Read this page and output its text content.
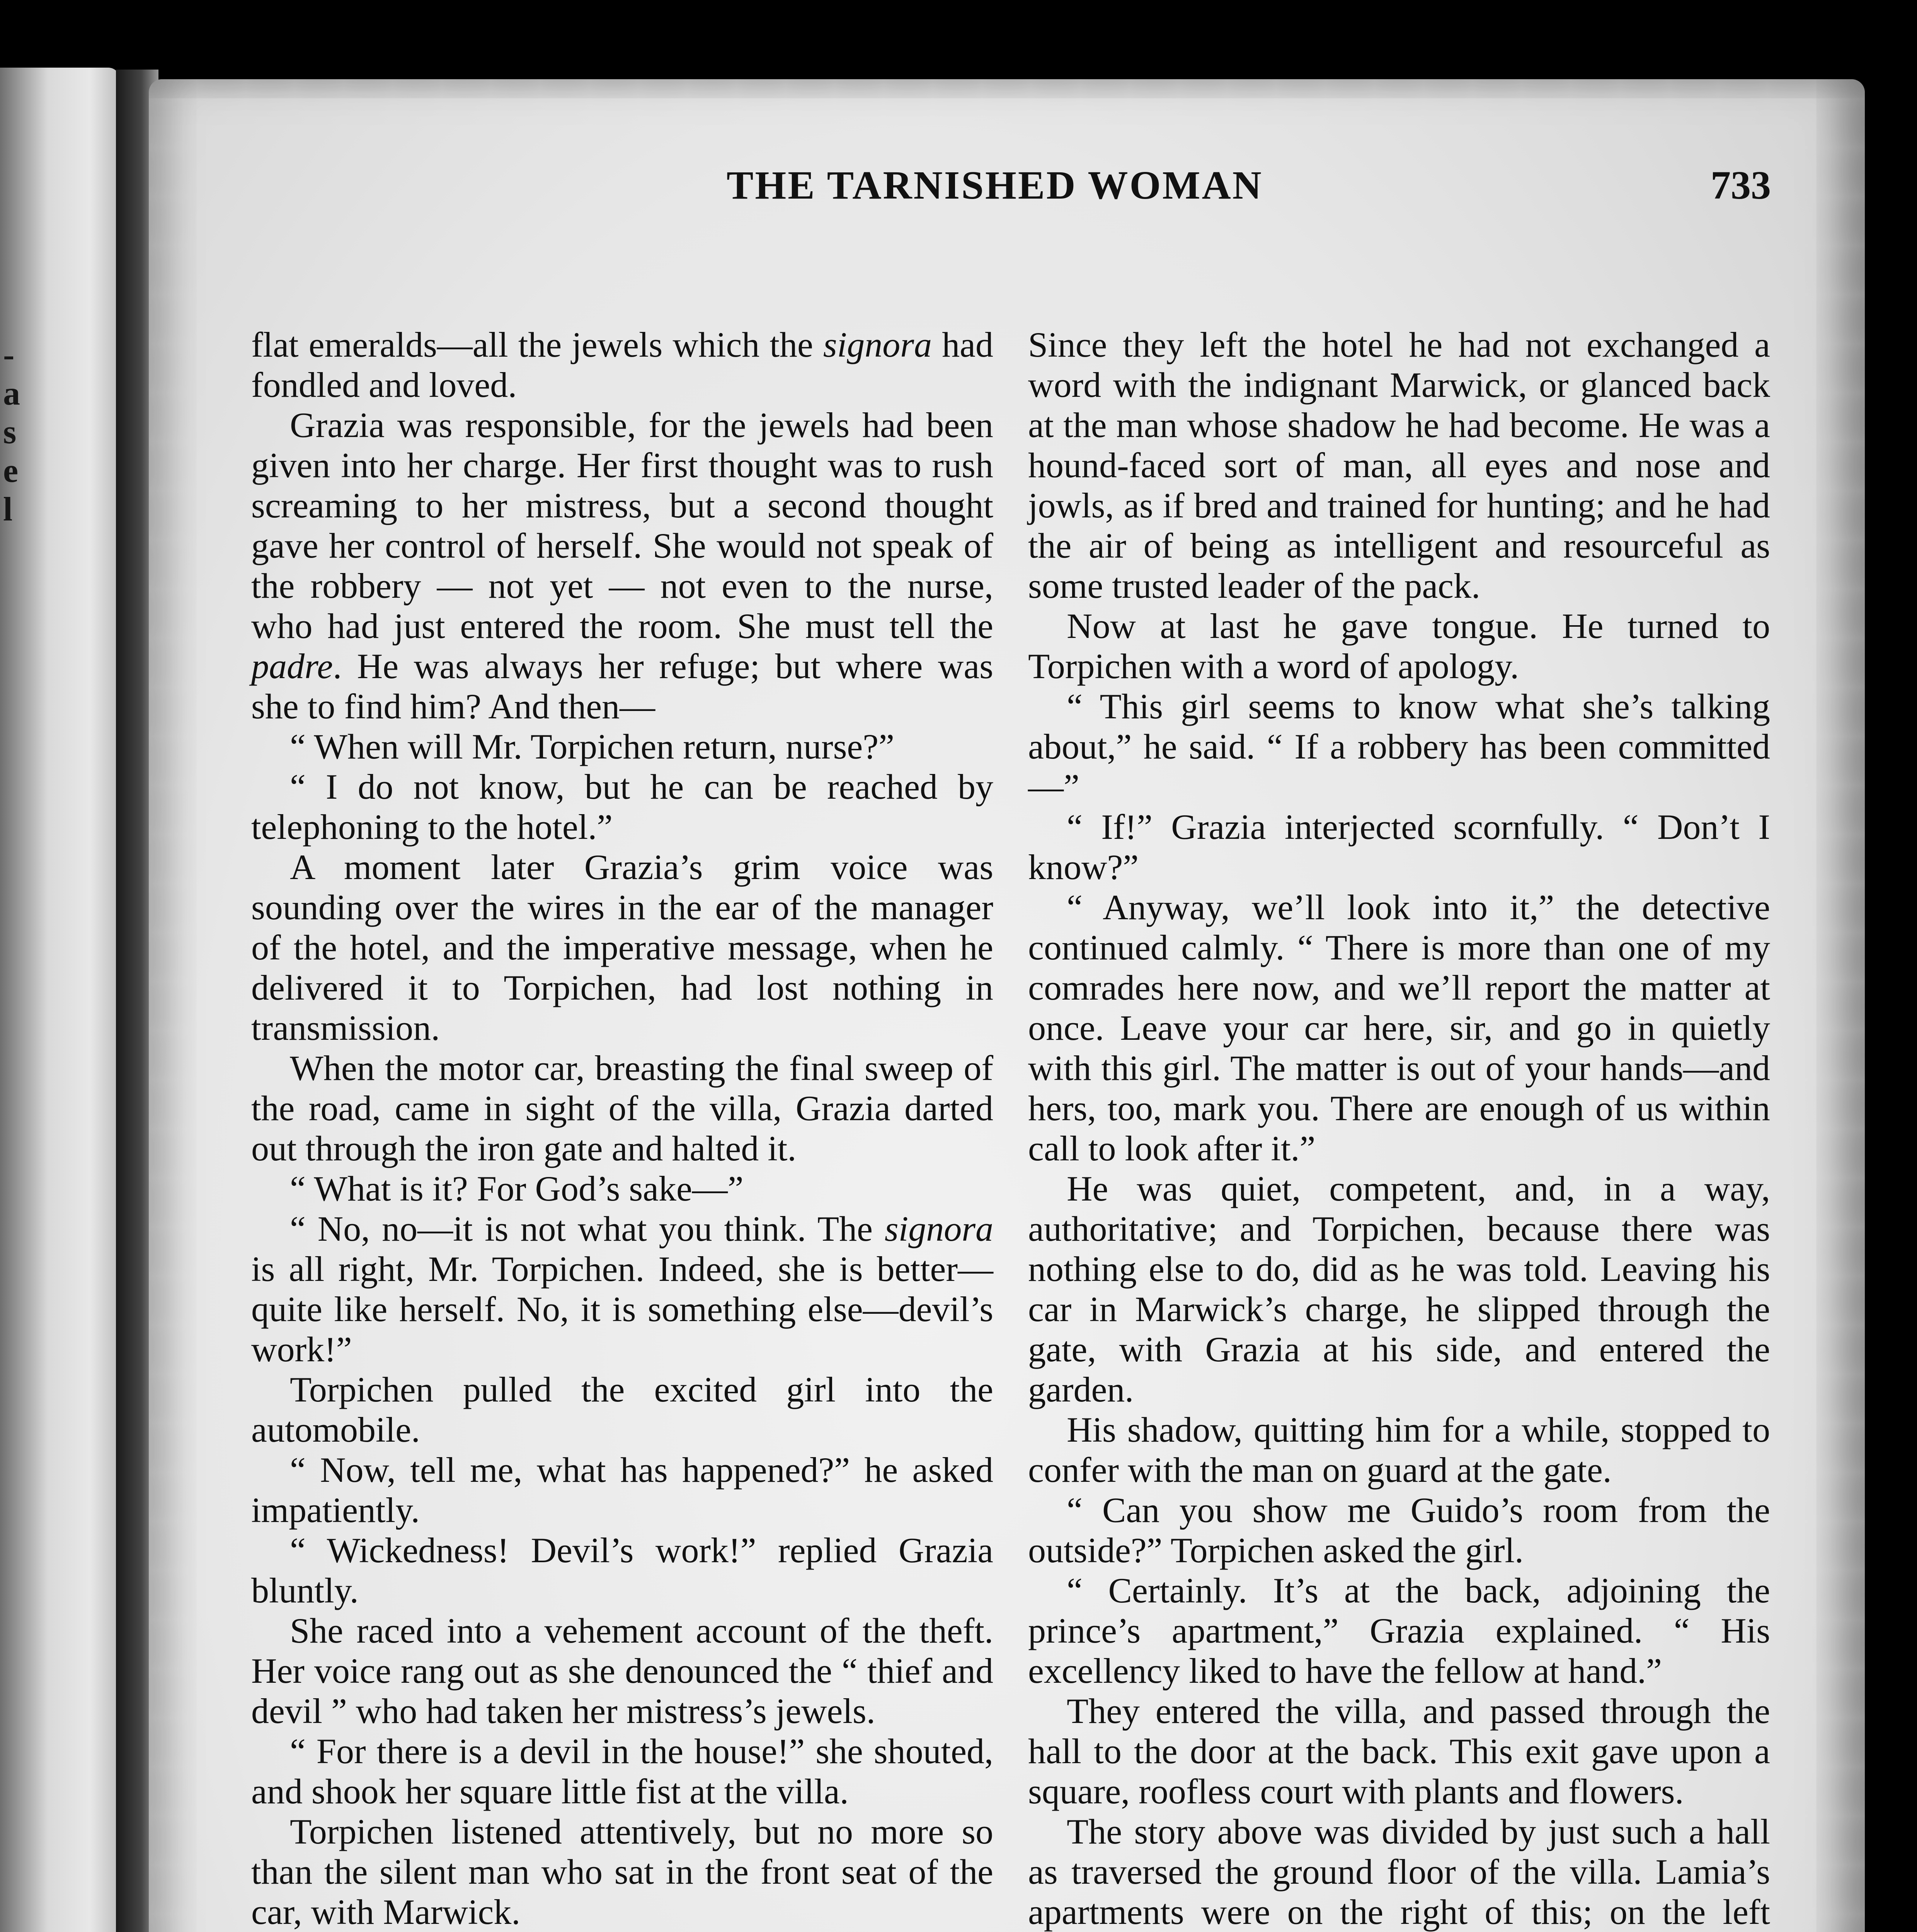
-
a
s
e
l
THE TARNISHED WOMAN	733

flat emeralds—all the jewels which the signora had fondled and loved.

Grazia was responsible, for the jewels had been given into her charge. Her first thought was to rush screaming to her mistress, but a second thought gave her control of herself. She would not speak of the robbery — not yet — not even to the nurse, who had just entered the room. She must tell the padre. He was always her refuge; but where was she to find him? And then—

“ When will Mr. Torpichen return, nurse?”

“ I do not know, but he can be reached by telephoning to the hotel.”

A moment later Grazia’s grim voice was sounding over the wires in the ear of the manager of the hotel, and the imperative message, when he delivered it to Torpichen, had lost nothing in transmission.

When the motor car, breasting the final sweep of the road, came in sight of the villa, Grazia darted out through the iron gate and halted it.

“ What is it? For God’s sake—”

“ No, no—it is not what you think. The signora is all right, Mr. Torpichen. Indeed, she is better—quite like herself. No, it is something else—devil’s work!”

Torpichen pulled the excited girl into the automobile.

“ Now, tell me, what has happened?” he asked impatiently.

“ Wickedness! Devil’s work!” replied Grazia bluntly.

She raced into a vehement account of the theft. Her voice rang out as she denounced the “ thief and devil ” who had taken her mistress’s jewels.

“ For there is a devil in the house!” she shouted, and shook her square little fist at the villa.

Torpichen listened attentively, but no more so than the silent man who sat in the front seat of the car, with Marwick.

Since they left the hotel he had not exchanged a word with the indignant Marwick, or glanced back at the man whose shadow he had become. He was a hound-faced sort of man, all eyes and nose and jowls, as if bred and trained for hunting; and he had the air of being as intelligent and resourceful as some trusted leader of the pack.

Now at last he gave tongue. He turned to Torpichen with a word of apology.

“ This girl seems to know what she’s talking about,” he said. “ If a robbery has been committed—”

“ If!” Grazia interjected scornfully. “ Don’t I know?”

“ Anyway, we’ll look into it,” the detective continued calmly. “ There is more than one of my comrades here now, and we’ll report the matter at once. Leave your car here, sir, and go in quietly with this girl. The matter is out of your hands—and hers, too, mark you. There are enough of us within call to look after it.”

He was quiet, competent, and, in a way, authoritative; and Torpichen, because there was nothing else to do, did as he was told. Leaving his car in Marwick’s charge, he slipped through the gate, with Grazia at his side, and entered the garden.

His shadow, quitting him for a while, stopped to confer with the man on guard at the gate.

“ Can you show me Guido’s room from the outside?” Torpichen asked the girl.

“ Certainly. It’s at the back, adjoining the prince’s apartment,” Grazia explained. “ His excellency liked to have the fellow at hand.”

They entered the villa, and passed through the hall to the door at the back. This exit gave upon a square, roofless court with plants and flowers.

The story above was divided by just such a hall as traversed the ground floor of the villa. Lamia’s apartments were on the right of this; on the left
